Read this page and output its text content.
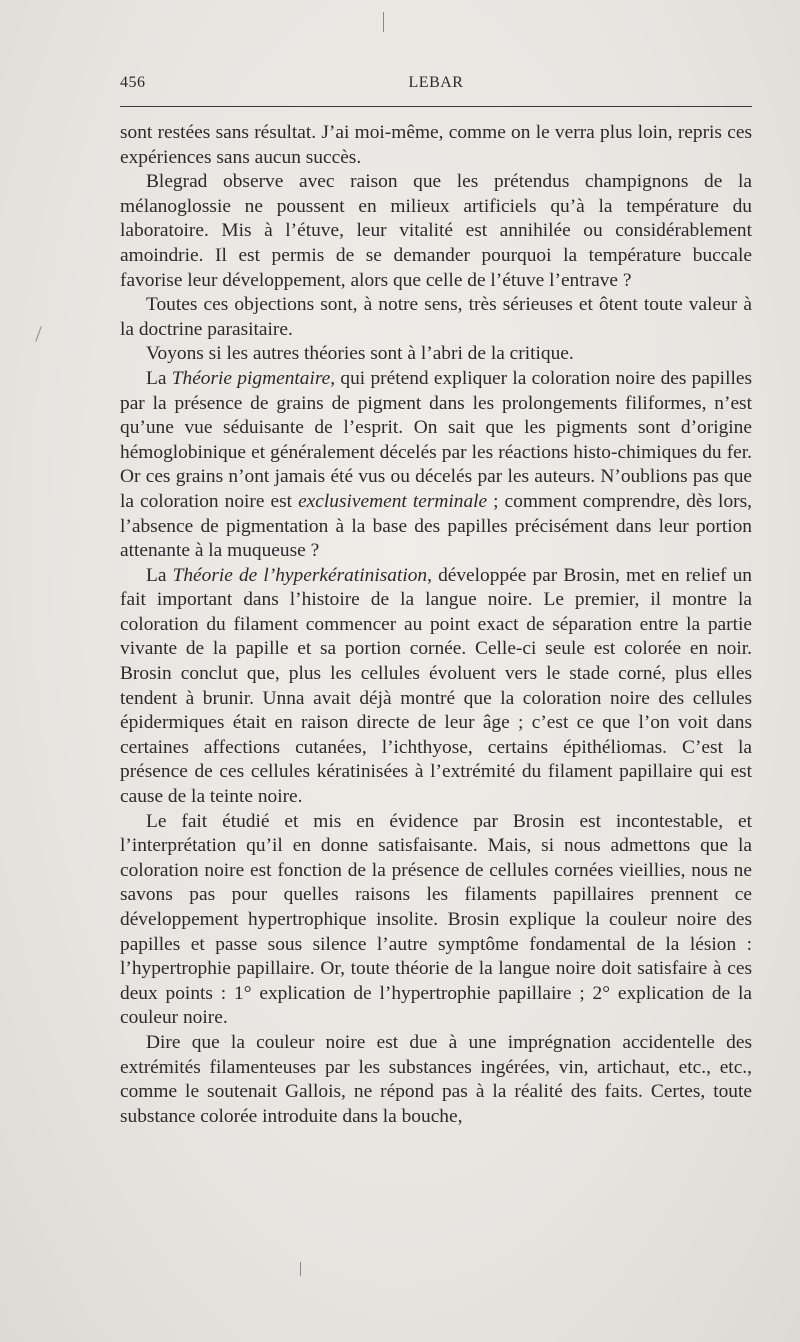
456	LEBAR

sont restées sans résultat. J’ai moi-même, comme on le verra plus loin, repris ces expériences sans aucun succès.

Blegrad observe avec raison que les prétendus champignons de la mélanoglossie ne poussent en milieux artificiels qu’à la température du laboratoire. Mis à l’étuve, leur vitalité est annihilée ou considérablement amoindrie. Il est permis de se demander pourquoi la température buccale favorise leur développement, alors que celle de l’étuve l’entrave ?

Toutes ces objections sont, à notre sens, très sérieuses et ôtent toute valeur à la doctrine parasitaire.

Voyons si les autres théories sont à l’abri de la critique.

La Théorie pigmentaire, qui prétend expliquer la coloration noire des papilles par la présence de grains de pigment dans les prolongements filiformes, n’est qu’une vue séduisante de l’esprit. On sait que les pigments sont d’origine hémoglobinique et généralement décelés par les réactions histo-chimiques du fer. Or ces grains n’ont jamais été vus ou décelés par les auteurs. N’oublions pas que la coloration noire est exclusivement terminale ; comment comprendre, dès lors, l’absence de pigmentation à la base des papilles précisément dans leur portion attenante à la muqueuse ?

La Théorie de l’hyperkératinisation, développée par Brosin, met en relief un fait important dans l’histoire de la langue noire. Le premier, il montre la coloration du filament commencer au point exact de séparation entre la partie vivante de la papille et sa portion cornée. Celle-ci seule est colorée en noir. Brosin conclut que, plus les cellules évoluent vers le stade corné, plus elles tendent à brunir. Unna avait déjà montré que la coloration noire des cellules épidermiques était en raison directe de leur âge ; c’est ce que l’on voit dans certaines affections cutanées, l’ichthyose, certains épithéliomas. C’est la présence de ces cellules kératinisées à l’extrémité du filament papillaire qui est cause de la teinte noire.

Le fait étudié et mis en évidence par Brosin est incontestable, et l’interprétation qu’il en donne satisfaisante. Mais, si nous admettons que la coloration noire est fonction de la présence de cellules cornées vieillies, nous ne savons pas pour quelles raisons les filaments papillaires prennent ce développement hypertrophique insolite. Brosin explique la couleur noire des papilles et passe sous silence l’autre symptôme fondamental de la lésion : l’hypertrophie papillaire. Or, toute théorie de la langue noire doit satisfaire à ces deux points : 1° explication de l’hypertrophie papillaire ; 2° explication de la couleur noire.

Dire que la couleur noire est due à une imprégnation accidentelle des extrémités filamenteuses par les substances ingérées, vin, artichaut, etc., etc., comme le soutenait Gallois, ne répond pas à la réalité des faits. Certes, toute substance colorée introduite dans la bouche,
